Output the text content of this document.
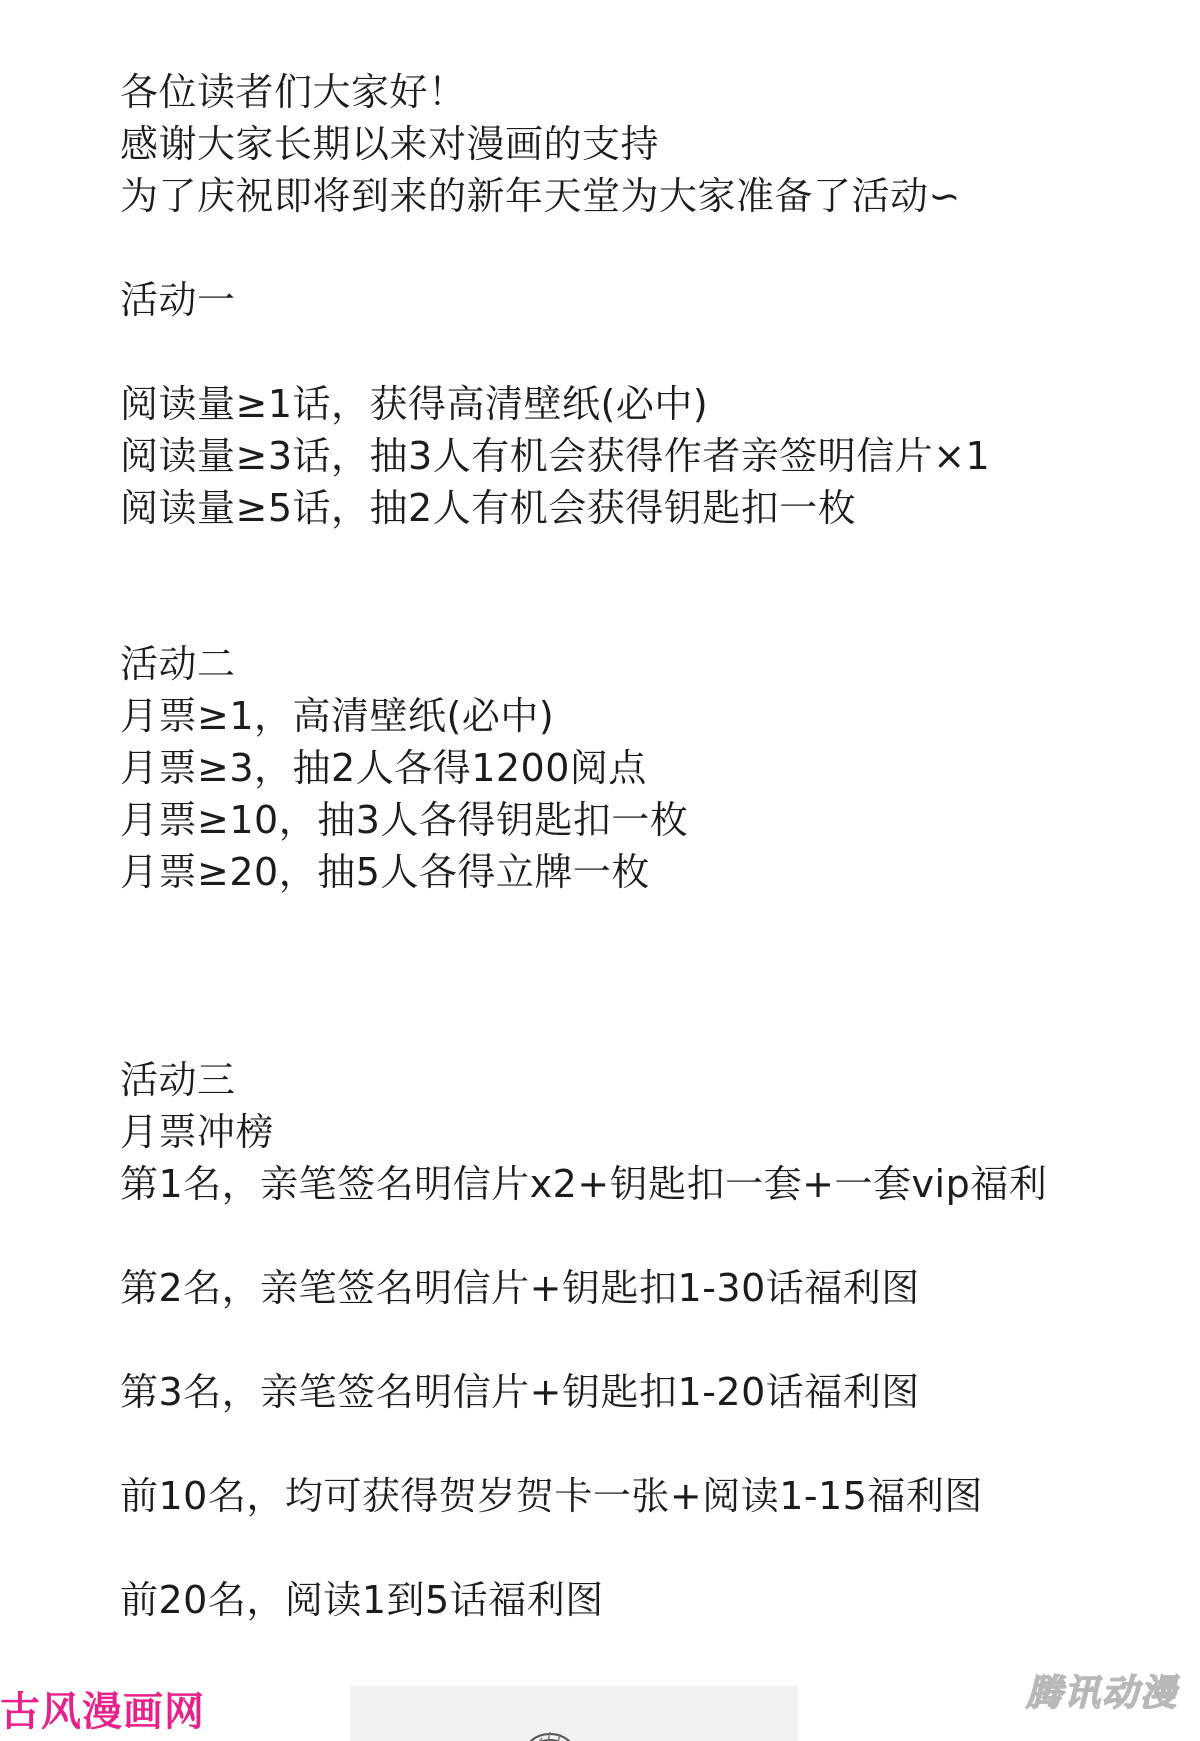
各位读者们大家好！
感谢大家长期以来对漫画的支持
为了庆祝即将到来的新年天堂为大家准备了活动∽
活动一
阅读量≥1话，获得高清壁纸(必中)
阅读量≥3话，抽3人有机会获得作者亲签明信片×1
阅读量≥5话，抽2人有机会获得钥匙扣一枚
活动二
月票≥1，高清壁纸(必中)
月票≥3，抽2人各得1200阅点
月票≥10，抽3人各得钥匙扣一枚
月票≥20，抽5人各得立牌一枚
活动三
月票冲榜
第1名，亲笔签名明信片x2+钥匙扣一套+一套vip福利
第2名，亲笔签名明信片+钥匙扣1-30话福利图
第3名，亲笔签名明信片+钥匙扣1-20话福利图
前10名，均可获得贺岁贺卡一张+阅读1-15福利图
前20名，阅读1到5话福利图
古风漫画网	腾讯动漫
